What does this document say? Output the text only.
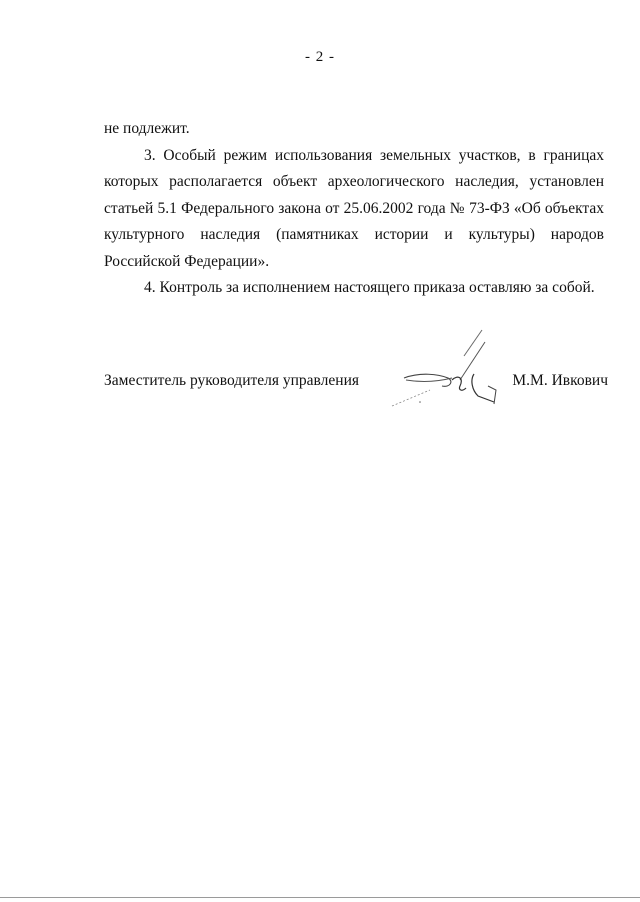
- 2 -

не подлежит.

3. Особый режим использования земельных участков, в границах которых располагается объект археологического наследия, установлен статьей 5.1 Федерального закона от 25.06.2002 года № 73-ФЗ «Об объектах культурного наследия (памятниках истории и культуры) народов Российской Федерации».

4. Контроль за исполнением настоящего приказа оставляю за собой.

Заместитель руководителя управления	М.М. Ивкович
